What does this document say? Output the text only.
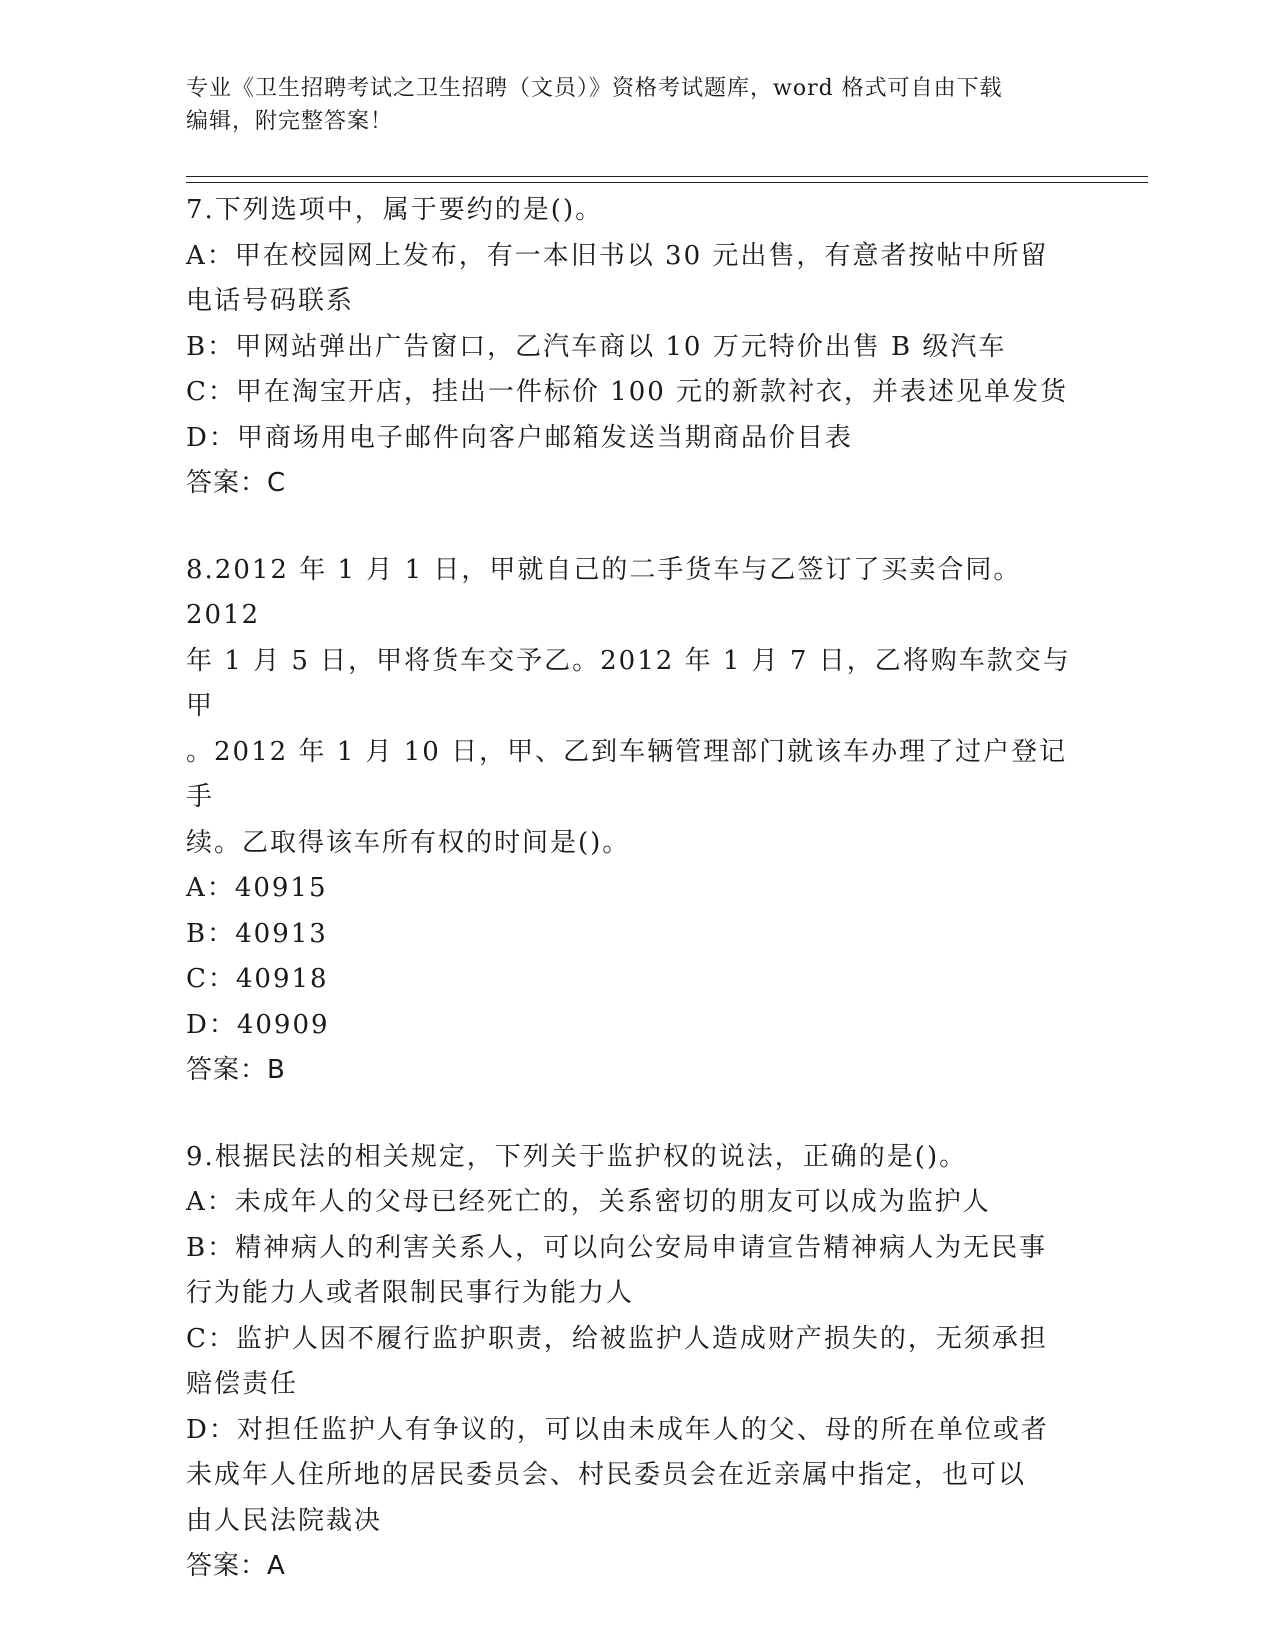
专业《卫生招聘考试之卫生招聘（文员）》资格考试题库，word 格式可自由下载
编辑，附完整答案！
7.下列选项中，属于要约的是()。
A：甲在校园网上发布，有一本旧书以 30 元出售，有意者按帖中所留
电话号码联系
B：甲网站弹出广告窗口，乙汽车商以 10 万元特价出售 B 级汽车
C：甲在淘宝开店，挂出一件标价 100 元的新款衬衣，并表述见单发货
D：甲商场用电子邮件向客户邮箱发送当期商品价目表
答案：C
8.2012 年 1 月 1 日，甲就自己的二手货车与乙签订了买卖合同。2012
年 1 月 5 日，甲将货车交予乙。2012 年 1 月 7 日，乙将购车款交与甲
。2012 年 1 月 10 日，甲、乙到车辆管理部门就该车办理了过户登记手
续。乙取得该车所有权的时间是()。
A：40915
B：40913
C：40918
D：40909
答案：B
9.根据民法的相关规定，下列关于监护权的说法，正确的是()。
A：未成年人的父母已经死亡的，关系密切的朋友可以成为监护人
B：精神病人的利害关系人，可以向公安局申请宣告精神病人为无民事
行为能力人或者限制民事行为能力人
C：监护人因不履行监护职责，给被监护人造成财产损失的，无须承担
赔偿责任
D：对担任监护人有争议的，可以由未成年人的父、母的所在单位或者
未成年人住所地的居民委员会、村民委员会在近亲属中指定，也可以
由人民法院裁决
答案：A
